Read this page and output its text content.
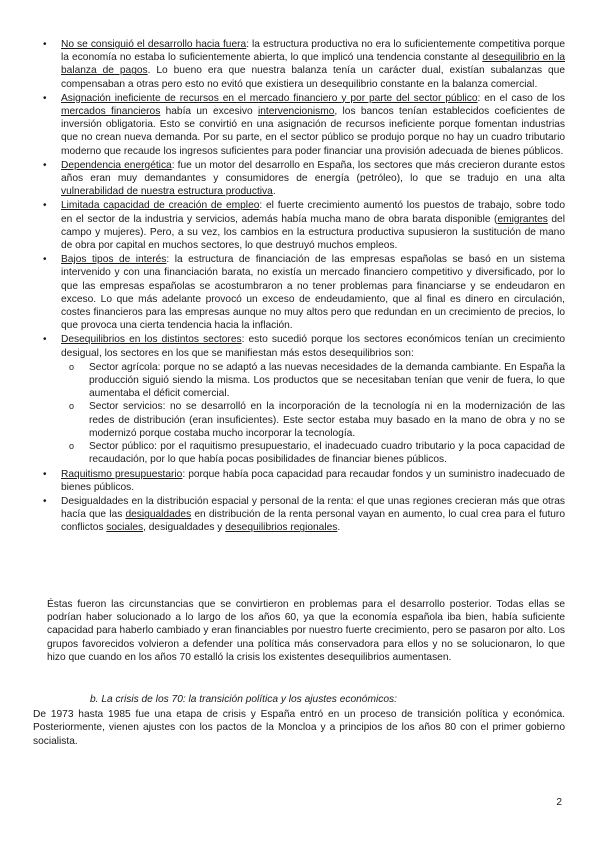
• No se consiguió el desarrollo hacia fuera: la estructura productiva no era lo suficientemente competitiva porque la economía no estaba lo suficientemente abierta, lo que implicó una tendencia constante al desequilibrio en la balanza de pagos. Lo bueno era que nuestra balanza tenía un carácter dual, existían subalanzas que compensaban a otras pero esto no evitó que existiera un desequilibrio constante en la balanza comercial.
• Asignación ineficiente de recursos en el mercado financiero y por parte del sector público: en el caso de los mercados financieros había un excesivo intervencionismo, los bancos tenían establecidos coeficientes de inversión obligatoria. Esto se convirtió en una asignación de recursos ineficiente porque fomentan industrias que no crean nueva demanda. Por su parte, en el sector público se produjo porque no hay un cuadro tributario moderno que recaude los ingresos suficientes para poder financiar una provisión adecuada de bienes públicos.
• Dependencia energética: fue un motor del desarrollo en España, los sectores que más crecieron durante estos años eran muy demandantes y consumidores de energía (petróleo), lo que se tradujo en una alta vulnerabilidad de nuestra estructura productiva.
• Limitada capacidad de creación de empleo: el fuerte crecimiento aumentó los puestos de trabajo, sobre todo en el sector de la industria y servicios, además había mucha mano de obra barata disponible (emigrantes del campo y mujeres). Pero, a su vez, los cambios en la estructura productiva supusieron la sustitución de mano de obra por capital en muchos sectores, lo que destruyó muchos empleos.
• Bajos tipos de interés: la estructura de financiación de las empresas españolas se basó en un sistema intervenido y con una financiación barata, no existía un mercado financiero competitivo y diversificado, por lo que las empresas españolas se acostumbraron a no tener problemas para financiarse y se endeudaron en exceso. Lo que más adelante provocó un exceso de endeudamiento, que al final es dinero en circulación, costes financieros para las empresas aunque no muy altos pero que redundan en un crecimiento de precios, lo que provoca una cierta tendencia hacia la inflación.
• Desequilibrios en los distintos sectores: esto sucedió porque los sectores económicos tenían un crecimiento desigual, los sectores en los que se manifiestan más estos desequilibrios son:
o Sector agrícola: porque no se adaptó a las nuevas necesidades de la demanda cambiante. En España la producción siguió siendo la misma. Los productos que se necesitaban tenían que venir de fuera, lo que aumentaba el déficit comercial.
o Sector servicios: no se desarrolló en la incorporación de la tecnología ni en la modernización de las redes de distribución (eran insuficientes). Este sector estaba muy basado en la mano de obra y no se modernizó porque costaba mucho incorporar la tecnología.
o Sector público: por el raquitismo presupuestario, el inadecuado cuadro tributario y la poca capacidad de recaudación, por lo que había pocas posibilidades de financiar bienes públicos.
• Raquitismo presupuestario: porque había poca capacidad para recaudar fondos y un suministro inadecuado de bienes públicos.
• Desigualdades en la distribución espacial y personal de la renta: el que unas regiones crecieran más que otras hacía que las desigualdades en distribución de la renta personal vayan en aumento, lo cual crea para el futuro conflictos sociales, desigualdades y desequilibrios regionales.

Éstas fueron las circunstancias que se convirtieron en problemas para el desarrollo posterior. Todas ellas se podrían haber solucionado a lo largo de los años 60, ya que la economía española iba bien, había suficiente capacidad para haberlo cambiado y eran financiables por nuestro fuerte crecimiento, pero se pasaron por alto. Los grupos favorecidos volvieron a defender una política más conservadora para ellos y no se solucionaron, lo que hizo que cuando en los años 70 estalló la crisis los existentes desequilibrios aumentasen.

b. La crisis de los 70: la transición política y los ajustes económicos:

De 1973 hasta 1985 fue una etapa de crisis y España entró en un proceso de transición política y económica. Posteriormente, vienen ajustes con los pactos de la Moncloa y a principios de los años 80 con el primer gobierno socialista.

2
